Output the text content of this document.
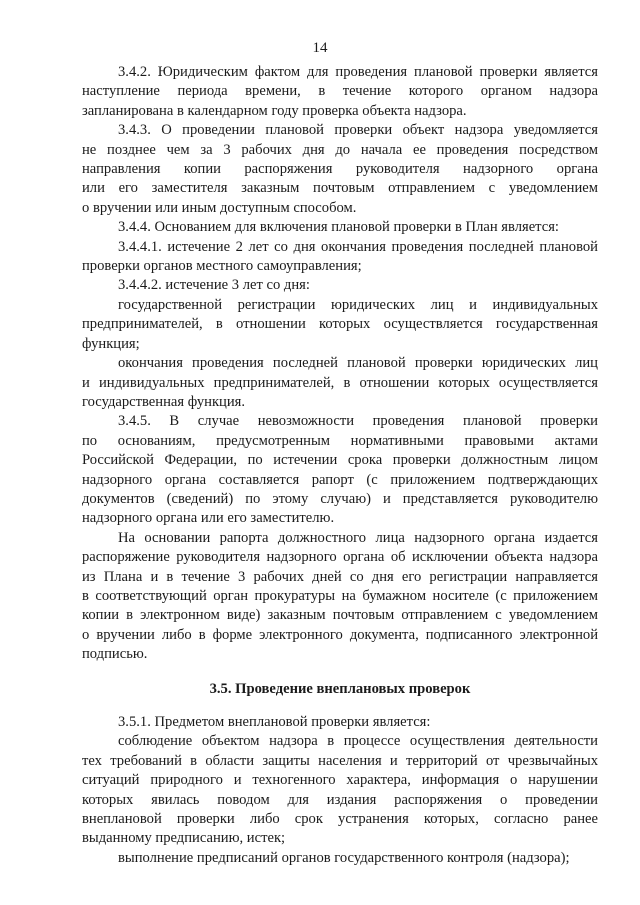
14
3.4.2. Юридическим фактом для проведения плановой проверки является
наступление периода времени, в течение которого органом надзора
запланирована в календарном году проверка объекта надзора.
3.4.3. О проведении плановой проверки объект надзора уведомляется
не позднее чем за 3 рабочих дня до начала ее проведения посредством
направления копии распоряжения руководителя надзорного органа
или его заместителя заказным почтовым отправлением с уведомлением
о вручении или иным доступным способом.
3.4.4. Основанием для включения плановой проверки в План является:
3.4.4.1. истечение 2 лет со дня окончания проведения последней плановой
проверки органов местного самоуправления;
3.4.4.2. истечение 3 лет со дня:
государственной регистрации юридических лиц и индивидуальных
предпринимателей, в отношении которых осуществляется государственная
функция;
окончания проведения последней плановой проверки юридических лиц
и индивидуальных предпринимателей, в отношении которых осуществляется
государственная функция.
3.4.5. В случае невозможности проведения плановой проверки
по основаниям, предусмотренным нормативными правовыми актами
Российской Федерации, по истечении срока проверки должностным лицом
надзорного органа составляется рапорт (с приложением подтверждающих
документов (сведений) по этому случаю) и представляется руководителю
надзорного органа или его заместителю.
На основании рапорта должностного лица надзорного органа издается
распоряжение руководителя надзорного органа об исключении объекта надзора
из Плана и в течение 3 рабочих дней со дня его регистрации направляется
в соответствующий орган прокуратуры на бумажном носителе (с приложением
копии в электронном виде) заказным почтовым отправлением с уведомлением
о вручении либо в форме электронного документа, подписанного электронной
подписью.
3.5. Проведение внеплановых проверок
3.5.1. Предметом внеплановой проверки является:
соблюдение объектом надзора в процессе осуществления деятельности
тех требований в области защиты населения и территорий от чрезвычайных
ситуаций природного и техногенного характера, информация о нарушении
которых явилась поводом для издания распоряжения о проведении
внеплановой проверки либо срок устранения которых, согласно ранее
выданному предписанию, истек;
выполнение предписаний органов государственного контроля (надзора);
